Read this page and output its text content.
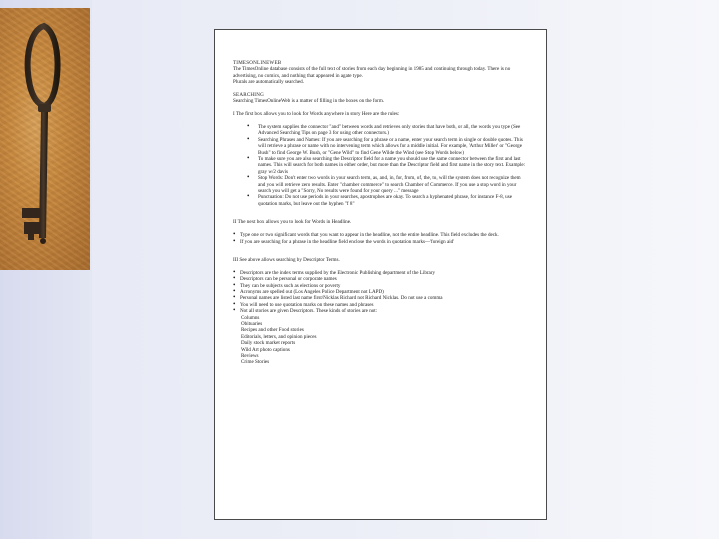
TIMESONLINEWEB

The TimesOnline database consists of the full text of stories from each day beginning in 1985 and continuing through today. There is no advertising, no comics, and nothing that appeared in agate type.

Plurals are automatically searched.

SEARCHING

Searching TimesOnlineWeb is a matter of filling in the boxes on the form.

I The first box allows you to look for Words anywhere in story Here are the rules:

• The system supplies the connector "and" between words and retrieves only stories that have both, or all, the words you type (See Advanced Searching Tips on page 3 for using other connectors.)
• Searching Phrases and Names: If you are searching for a phrase or a name, enter your search term in single or double quotes. This will retrieve a phrase or name with no intervening term which allows for a middle initial. For example, 'Arthur Miller' or "George Bush" to find George W. Bush, or "Gene Wild" to find Gene Wilde the Wind (see Stop Words below)
• To make sure you are also searching the Descriptor field for a name you should use the same connector between the first and last names. This will search for both names in either order, but more than the Descriptor field and first name in the story text. Example: gray w/2 davis
• Stop Words: Don't enter two words in your search term, as, and, in, for, from, of, the, to, will the system does not recognize them and you will retrieve zero results. Enter "chamber commerce" to search Chamber of Commerce. If you use a stop word in your search you will get a "Sorry, No results were found for your query ..." message
• Punctuation: Do not use periods in your searches, apostrophes are okay. To search a hyphenated phrase, for instance F-8, use quotation marks, but leave out the hyphen "f 8"

II The next box allows you to look for Words in Headline.

• Type one or two significant words that you want to appear in the headline, not the entire headline. This field excludes the deck.
• If you are searching for a phrase in the headline field enclose the words in quotation marks—'foreign aid'

III See above allows searching by Descriptor Terms.

• Descriptors are the index terms supplied by the Electronic Publishing department of the Library
• Descriptors can be personal or corporate names
• They can be subjects such as elections or poverty
• Acronyms are spelled out (Los Angeles Police Department not LAPD)
• Personal names are listed last name first/Nicklas Richard not Richard Nicklas. Do not use a comma
• You will need to use quotation marks on these names and phrases
• Not all stories are given Descriptors. These kinds of stories are not:

Columns

Obituaries

Recipes and other Food stories

Editorials, letters, and opinion pieces

Daily stock market reports

Wild Art photo captions

Reviews

Crime Stories
